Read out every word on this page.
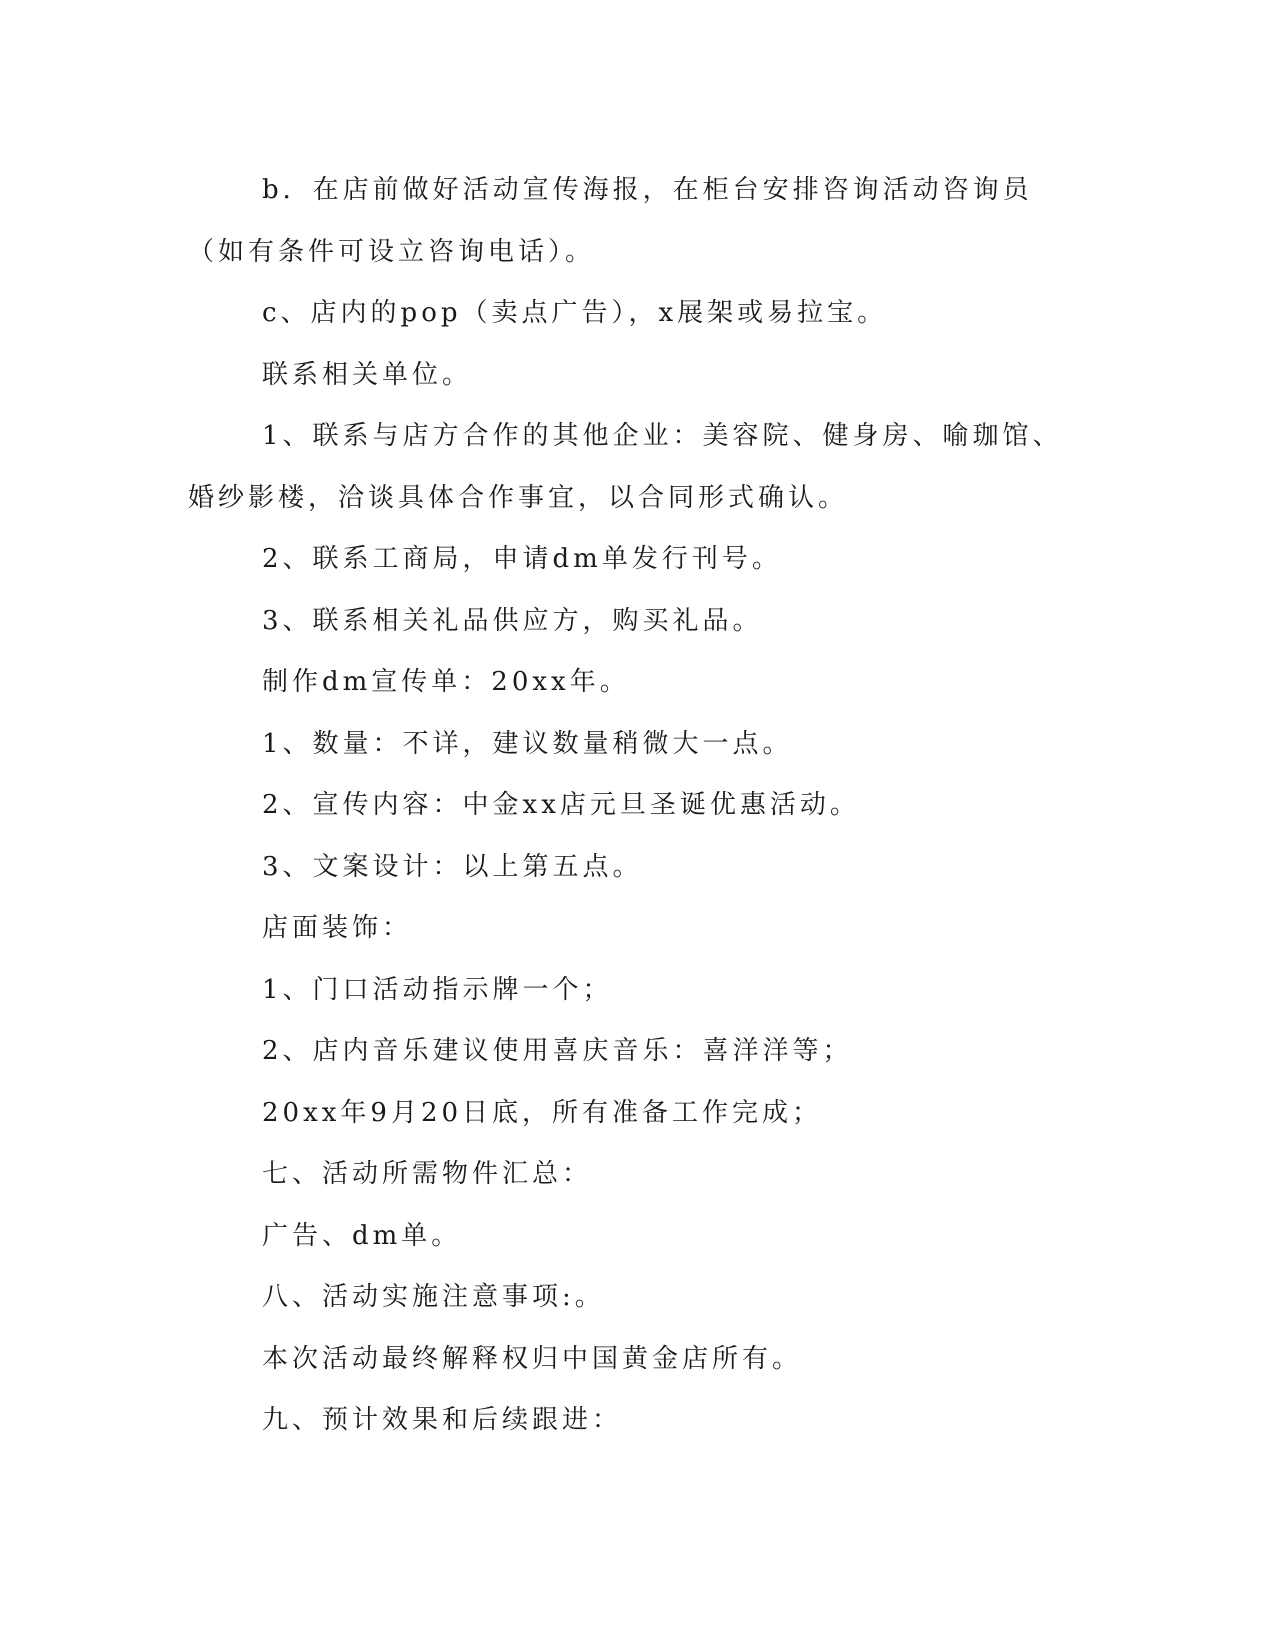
b．在店前做好活动宣传海报，在柜台安排咨询活动咨询员（如有条件可设立咨询电话）。

c、店内的pop（卖点广告），x展架或易拉宝。

联系相关单位。

1、联系与店方合作的其他企业：美容院、健身房、喻珈馆、婚纱影楼，洽谈具体合作事宜，以合同形式确认。

2、联系工商局，申请dm单发行刊号。

3、联系相关礼品供应方，购买礼品。

制作dm宣传单：20xx年。

1、数量：不详，建议数量稍微大一点。

2、宣传内容：中金xx店元旦圣诞优惠活动。

3、文案设计：以上第五点。

店面装饰：

1、门口活动指示牌一个；

2、店内音乐建议使用喜庆音乐：喜洋洋等；

20xx年9月20日底，所有准备工作完成；

七、活动所需物件汇总：

广告、dm单。

八、活动实施注意事项:。

本次活动最终解释权归中国黄金店所有。

九、预计效果和后续跟进：
